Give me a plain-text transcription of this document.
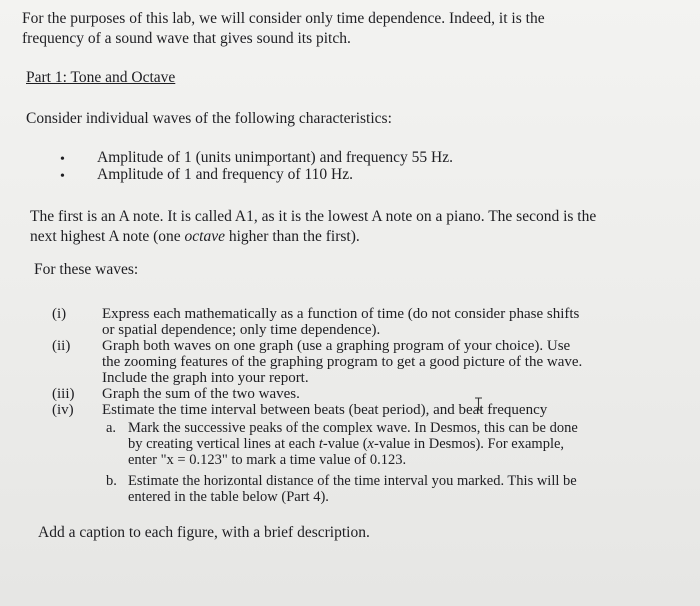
For the purposes of this lab, we will consider only time dependence. Indeed, it is the
frequency of a sound wave that gives sound its pitch.
Part 1: Tone and Octave
Consider individual waves of the following characteristics:
• Amplitude of 1 (units unimportant) and frequency 55 Hz.
• Amplitude of 1 and frequency of 110 Hz.
The first is an A note. It is called A1, as it is the lowest A note on a piano. The second is the
next highest A note (one octave higher than the first).
For these waves:
(i) Express each mathematically as a function of time (do not consider phase shifts
or spatial dependence; only time dependence).
(ii) Graph both waves on one graph (use a graphing program of your choice). Use
the zooming features of the graphing program to get a good picture of the wave.
Include the graph into your report.
(iii) Graph the sum of the two waves.
(iv) Estimate the time interval between beats (beat period), and beat frequency
a. Mark the successive peaks of the complex wave. In Desmos, this can be done
by creating vertical lines at each t-value (x-value in Desmos). For example,
enter "x = 0.123" to mark a time value of 0.123.
b. Estimate the horizontal distance of the time interval you marked. This will be
entered in the table below (Part 4).
Add a caption to each figure, with a brief description.
